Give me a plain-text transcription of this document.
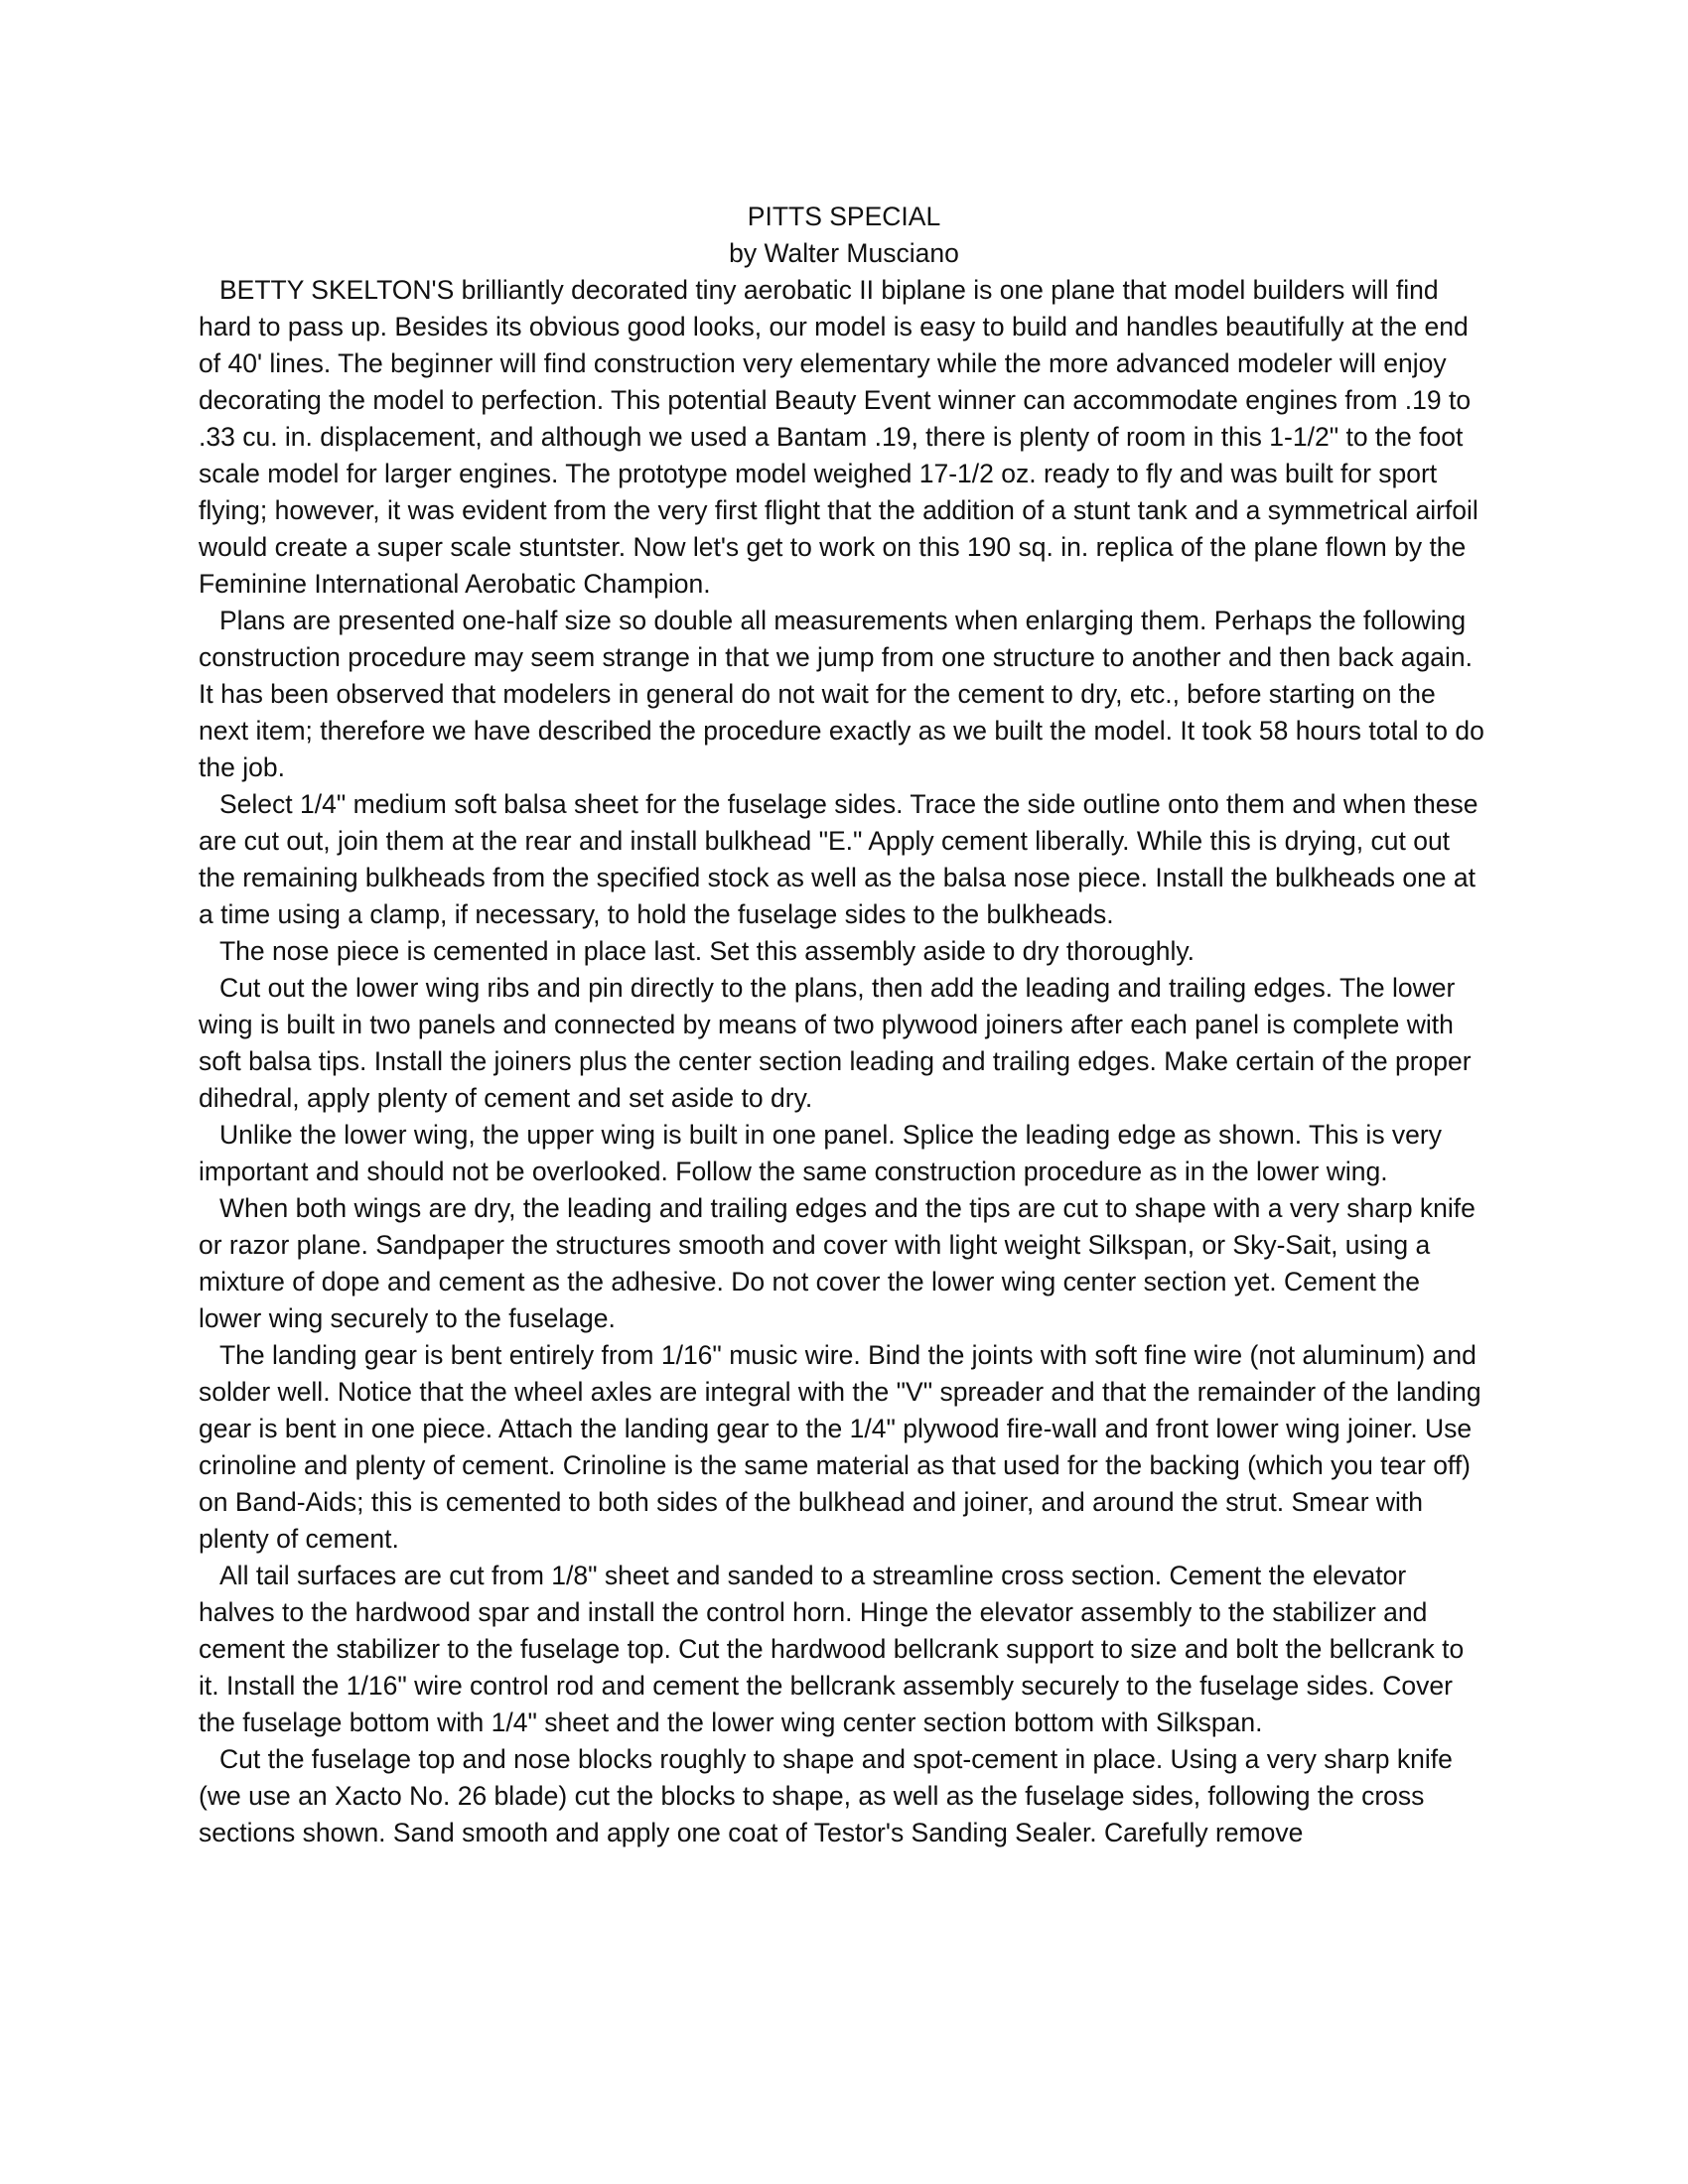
PITTS SPECIAL
by Walter Musciano

BETTY SKELTON'S brilliantly decorated tiny aerobatic II biplane is one plane that model builders will find hard to pass up. Besides its obvious good looks, our model is easy to build and handles beautifully at the end of 40' lines. The beginner will find construction very elementary while the more advanced modeler will enjoy decorating the model to perfection. This potential Beauty Event winner can accommodate engines from .19 to .33 cu. in. displacement, and although we used a Bantam .19, there is plenty of room in this 1-1/2" to the foot scale model for larger engines. The prototype model weighed 17-1/2 oz. ready to fly and was built for sport flying; however, it was evident from the very first flight that the addition of a stunt tank and a symmetrical airfoil would create a super scale stuntster. Now let's get to work on this 190 sq. in. replica of the plane flown by the Feminine International Aerobatic Champion.

Plans are presented one-half size so double all measurements when enlarging them. Perhaps the following construction procedure may seem strange in that we jump from one structure to another and then back again. It has been observed that modelers in general do not wait for the cement to dry, etc., before starting on the next item; therefore we have described the procedure exactly as we built the model. It took 58 hours total to do the job.

Select 1/4" medium soft balsa sheet for the fuselage sides. Trace the side outline onto them and when these are cut out, join them at the rear and install bulkhead "E." Apply cement liberally. While this is drying, cut out the remaining bulkheads from the specified stock as well as the balsa nose piece. Install the bulkheads one at a time using a clamp, if necessary, to hold the fuselage sides to the bulkheads.

The nose piece is cemented in place last. Set this assembly aside to dry thoroughly.

Cut out the lower wing ribs and pin directly to the plans, then add the leading and trailing edges. The lower wing is built in two panels and connected by means of two plywood joiners after each panel is complete with soft balsa tips. Install the joiners plus the center section leading and trailing edges. Make certain of the proper dihedral, apply plenty of cement and set aside to dry.

Unlike the lower wing, the upper wing is built in one panel. Splice the leading edge as shown. This is very important and should not be overlooked. Follow the same construction procedure as in the lower wing.

When both wings are dry, the leading and trailing edges and the tips are cut to shape with a very sharp knife or razor plane. Sandpaper the structures smooth and cover with light weight Silkspan, or Sky-Sait, using a mixture of dope and cement as the adhesive. Do not cover the lower wing center section yet. Cement the lower wing securely to the fuselage.

The landing gear is bent entirely from 1/16" music wire. Bind the joints with soft fine wire (not aluminum) and solder well. Notice that the wheel axles are integral with the "V" spreader and that the remainder of the landing gear is bent in one piece. Attach the landing gear to the 1/4" plywood fire-wall and front lower wing joiner. Use crinoline and plenty of cement. Crinoline is the same material as that used for the backing (which you tear off) on Band-Aids; this is cemented to both sides of the bulkhead and joiner, and around the strut. Smear with plenty of cement.

All tail surfaces are cut from 1/8" sheet and sanded to a streamline cross section. Cement the elevator halves to the hardwood spar and install the control horn. Hinge the elevator assembly to the stabilizer and cement the stabilizer to the fuselage top. Cut the hardwood bellcrank support to size and bolt the bellcrank to it. Install the 1/16" wire control rod and cement the bellcrank assembly securely to the fuselage sides. Cover the fuselage bottom with 1/4" sheet and the lower wing center section bottom with Silkspan.

Cut the fuselage top and nose blocks roughly to shape and spot-cement in place. Using a very sharp knife (we use an Xacto No. 26 blade) cut the blocks to shape, as well as the fuselage sides, following the cross sections shown. Sand smooth and apply one coat of Testor's Sanding Sealer. Carefully remove
